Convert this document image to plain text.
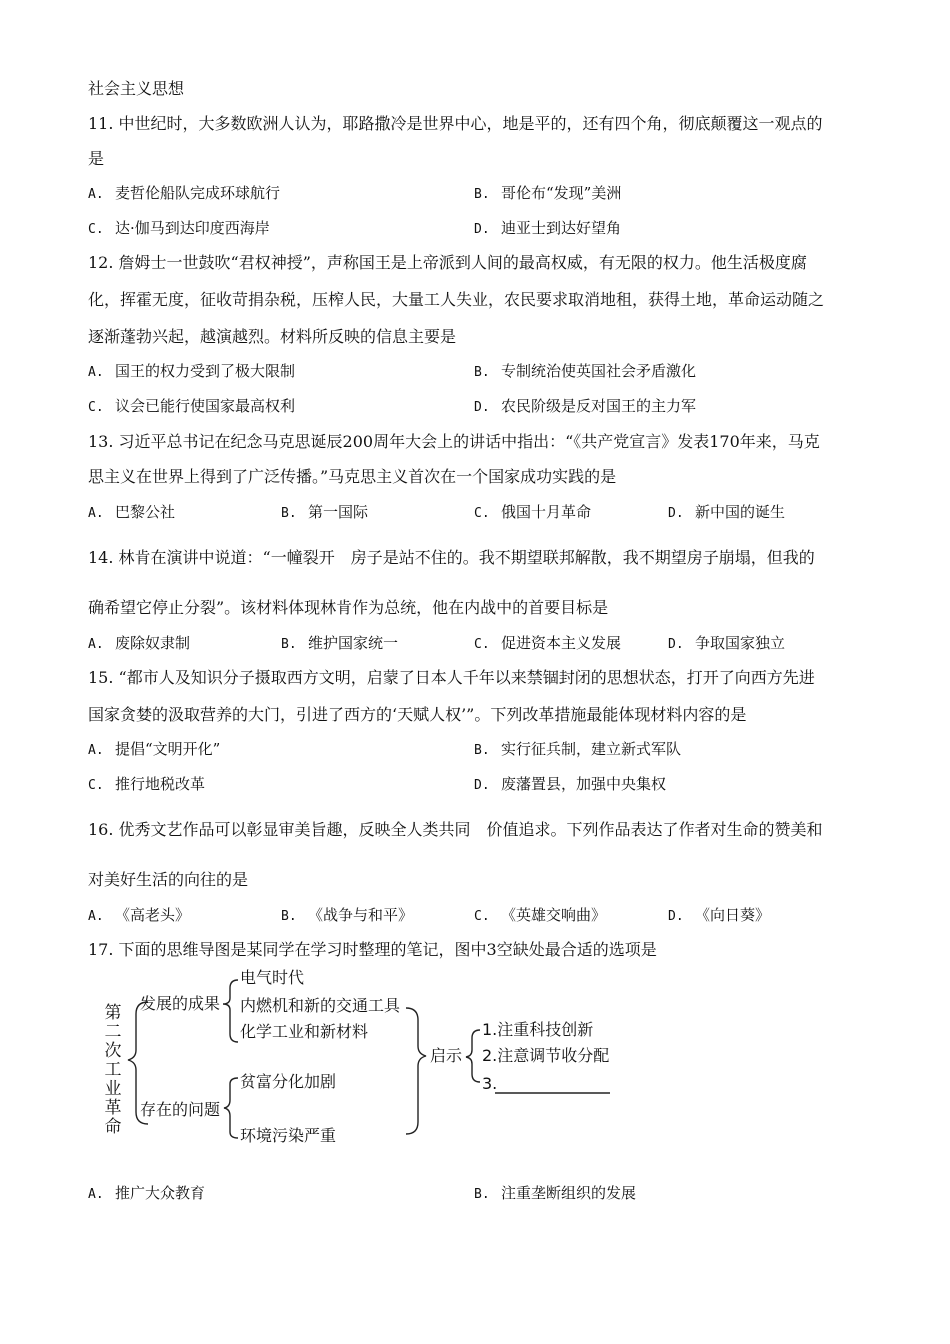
社会主义思想
11. 中世纪时，大多数欧洲人认为，耶路撒冷是世界中心，地是平的，还有四个角，彻底颠覆这一观点的
是
A. 麦哲伦船队完成环球航行	B. 哥伦布“发现”美洲
C. 达·伽马到达印度西海岸	D. 迪亚士到达好望角
12. 詹姆士一世鼓吹“君权神授”，声称国王是上帝派到人间的最高权威，有无限的权力。他生活极度腐
化，挥霍无度，征收苛捐杂税，压榨人民，大量工人失业，农民要求取消地租，获得土地，革命运动随之
逐渐蓬勃兴起，越演越烈。材料所反映的信息主要是
A. 国王的权力受到了极大限制	B. 专制统治使英国社会矛盾激化
C. 议会已能行使国家最高权利	D. 农民阶级是反对国王的主力军
13. 习近平总书记在纪念马克思诞辰200周年大会上的讲话中指出：“《共产党宣言》发表170年来，马克
思主义在世界上得到了广泛传播。”马克思主义首次在一个国家成功实践的是
A. 巴黎公社	B. 第一国际	C. 俄国十月革命	D. 新中国的诞生
14. 林肯在演讲中说道：“一幢裂开　房子是站不住的。我不期望联邦解散，我不期望房子崩塌，但我的
确希望它停止分裂”。该材料体现林肯作为总统，他在内战中的首要目标是
A. 废除奴隶制	B. 维护国家统一	C. 促进资本主义发展	D. 争取国家独立
15. “都市人及知识分子摄取西方文明，启蒙了日本人千年以来禁锢封闭的思想状态，打开了向西方先进
国家贪婪的汲取营养的大门，引进了西方的‘天赋人权’”。下列改革措施最能体现材料内容的是
A. 提倡“文明开化”	B. 实行征兵制，建立新式军队
C. 推行地税改革	D. 废藩置县，加强中央集权
16. 优秀文艺作品可以彰显审美旨趣，反映全人类共同　价值追求。下列作品表达了作者对生命的赞美和
对美好生活的向往的是
A. 《高老头》	B. 《战争与和平》	C. 《英雄交响曲》	D. 《向日葵》
17. 下面的思维导图是某同学在学习时整理的笔记，图中3空缺处最合适的选项是
第
二
次
工
业
革
命
发展的成果
电气时代
内燃机和新的交通工具
化学工业和新材料
存在的问题
贫富分化加剧
环境污染严重
启示
1.注重科技创新
2.注意调节收分配
3.
A. 推广大众教育	B. 注重垄断组织的发展
